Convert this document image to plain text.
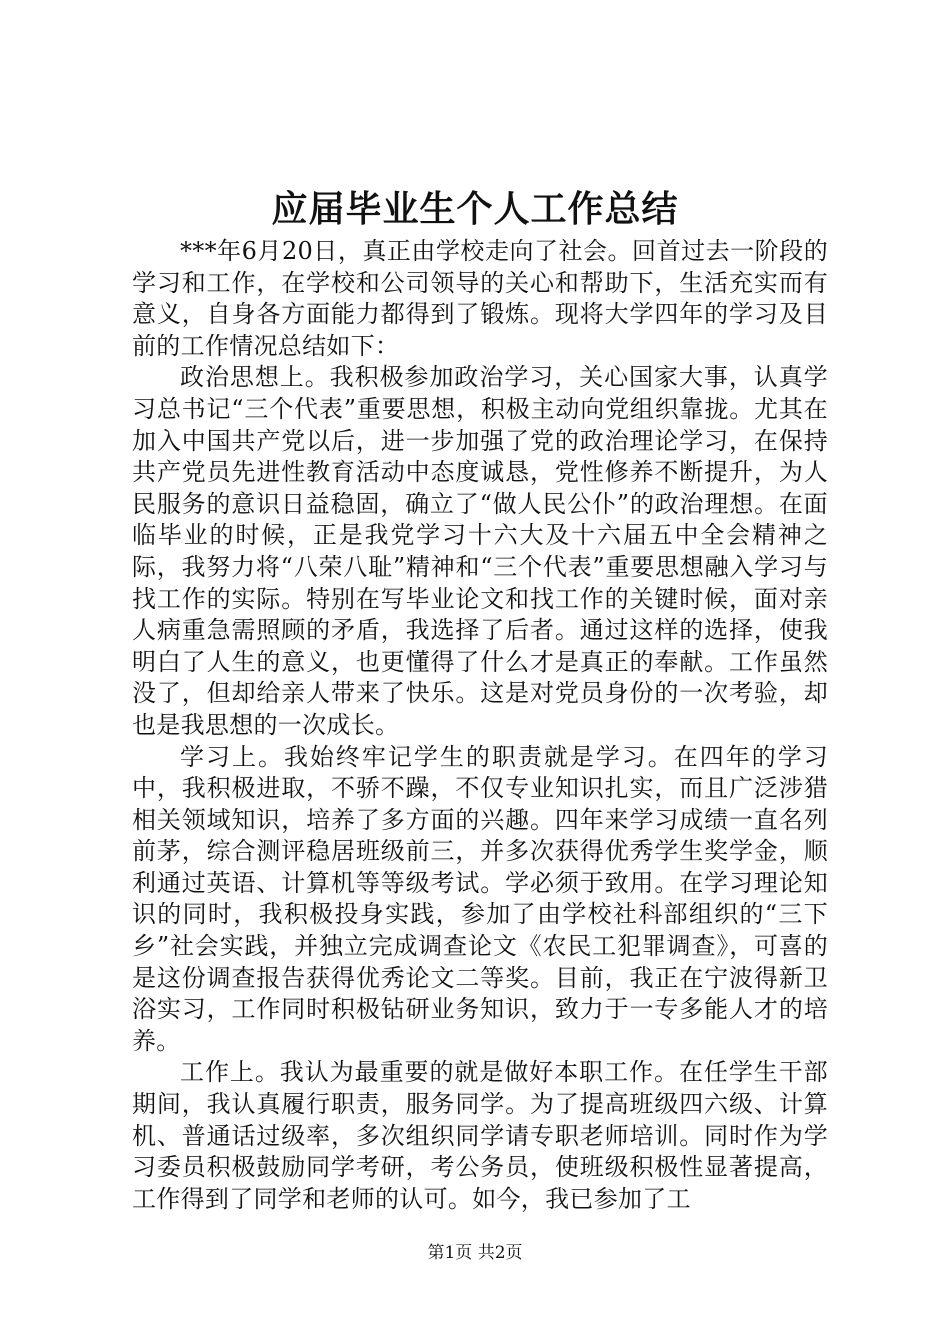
应届毕业生个人工作总结

***年6月20日，真正由学校走向了社会。回首过去一阶段的学习和工作，在学校和公司领导的关心和帮助下，生活充实而有意义，自身各方面能力都得到了锻炼。现将大学四年的学习及目前的工作情况总结如下：

政治思想上。我积极参加政治学习，关心国家大事，认真学习总书记“三个代表”重要思想，积极主动向党组织靠拢。尤其在加入中国共产党以后，进一步加强了党的政治理论学习，在保持共产党员先进性教育活动中态度诚恳，党性修养不断提升，为人民服务的意识日益稳固，确立了“做人民公仆”的政治理想。在面临毕业的时候，正是我党学习十六大及十六届五中全会精神之际，我努力将“八荣八耻”精神和“三个代表”重要思想融入学习与找工作的实际。特别在写毕业论文和找工作的关键时候，面对亲人病重急需照顾的矛盾，我选择了后者。通过这样的选择，使我明白了人生的意义，也更懂得了什么才是真正的奉献。工作虽然没了，但却给亲人带来了快乐。这是对党员身份的一次考验，却也是我思想的一次成长。

学习上。我始终牢记学生的职责就是学习。在四年的学习中，我积极进取，不骄不躁，不仅专业知识扎实，而且广泛涉猎相关领域知识，培养了多方面的兴趣。四年来学习成绩一直名列前茅，综合测评稳居班级前三，并多次获得优秀学生奖学金，顺利通过英语、计算机等等级考试。学必须于致用。在学习理论知识的同时，我积极投身实践，参加了由学校社科部组织的“三下乡”社会实践，并独立完成调查论文《农民工犯罪调查》，可喜的是这份调查报告获得优秀论文二等奖。目前，我正在宁波得新卫浴实习，工作同时积极钻研业务知识，致力于一专多能人才的培养。

工作上。我认为最重要的就是做好本职工作。在任学生干部期间，我认真履行职责，服务同学。为了提高班级四六级、计算机、普通话过级率，多次组织同学请专职老师培训。同时作为学习委员积极鼓励同学考研，考公务员，使班级积极性显著提高，工作得到了同学和老师的认可。如今，我已参加了工

第1页 共2页
